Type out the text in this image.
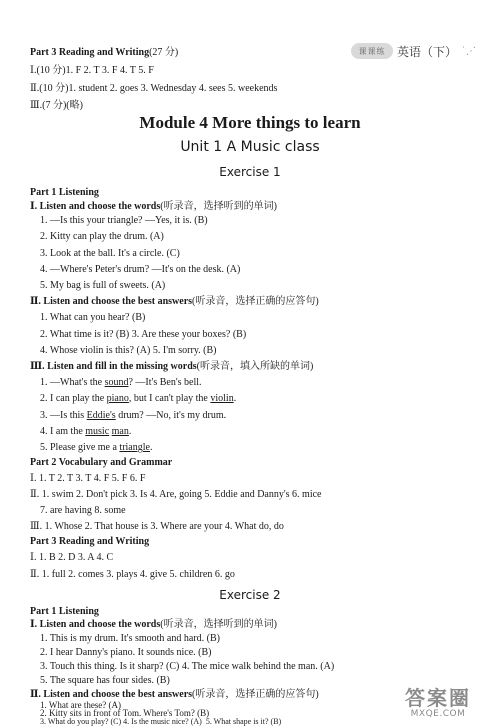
课课练 英语（下） ˙⋰
Part 3 Reading and Writing(27 分)
Ⅰ.(10 分)1. F 2. T 3. F 4. T 5. F
Ⅱ.(10 分)1. student 2. goes 3. Wednesday 4. sees 5. weekends
Ⅲ.(7 分)(略)
Module 4 More things to learn
Unit 1 A Music class
Exercise 1
Part 1 Listening
Ⅰ. Listen and choose the words(听录音，选择听到的单词)
1. —Is this your triangle? —Yes, it is. (B)
2. Kitty can play the drum. (A)
3. Look at the ball. It's a circle. (C)
4. —Where's Peter's drum? —It's on the desk. (A)
5. My bag is full of sweets. (A)
Ⅱ. Listen and choose the best answers(听录音，选择正确的应答句)
1. What can you hear? (B)
2. What time is it? (B) 3. Are these your boxes? (B)
4. Whose violin is this? (A) 5. I'm sorry. (B)
Ⅲ. Listen and fill in the missing words(听录音，填入所缺的单词)
1. —What's the sound? —It's Ben's bell.
2. I can play the piano, but I can't play the violin.
3. —Is this Eddie's drum? —No, it's my drum.
4. I am the music man.
5. Please give me a triangle.
Part 2 Vocabulary and Grammar
Ⅰ. 1. T 2. T 3. T 4. F 5. F 6. F
Ⅱ. 1. swim 2. Don't pick 3. Is 4. Are, going 5. Eddie and Danny's 6. mice
7. are having 8. some
Ⅲ. 1. Whose 2. That house is 3. Where are your 4. What do, do
Part 3 Reading and Writing
Ⅰ. 1. B 2. D 3. A 4. C
Ⅱ. 1. full 2. comes 3. plays 4. give 5. children 6. go
Exercise 2
Part 1 Listening
Ⅰ. Listen and choose the words(听录音，选择听到的单词)
1. This is my drum. It's smooth and hard. (B)
2. I hear Danny's piano. It sounds nice. (B)
3. Touch this thing. Is it sharp? (C) 4. The mice walk behind the man. (A)
5. The square has four sides. (B)
Ⅱ. Listen and choose the best answers(听录音，选择正确的应答句)
1. What are these? (A)
2. Kitty sits in front of Tom. Where's Tom? (B)
3. What do you play? (C) 4. Is the music nice? (A) 5. What shape is it? (B)
答案圈
MXQE.COM
